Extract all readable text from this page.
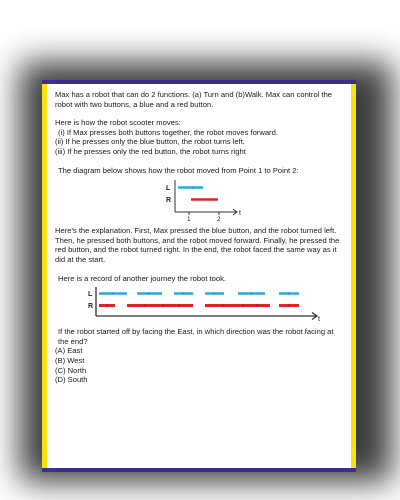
Max has a robot that can do 2 functions. (a) Turn and (b)Walk. Max can control the robot with two buttons, a blue and a red button.

Here is how the robot scooter moves:

(i) If Max presses both buttons together, the robot moves forward.

(ii) If he presses only the blue button, the robot turns left.

(iii) If he presses only the red button, the robot turns right

The diagram below shows how the robot moved from Point 1 to Point 2:

L
R
t
1	2

Here's the explanation. First, Max pressed the blue button, and the robot turned left. Then, he pressed both buttons, and the robot moved forward. Finally, he pressed the red button, and the robot turned right. In the end, the robot faced the same way as it did at the start.

Here is a record of another journey the robot took.

L
R
t

If the robot started off by facing the East, in which direction was the robot facing at the end?

(A) East

(B) West

(C) North

(D) South
